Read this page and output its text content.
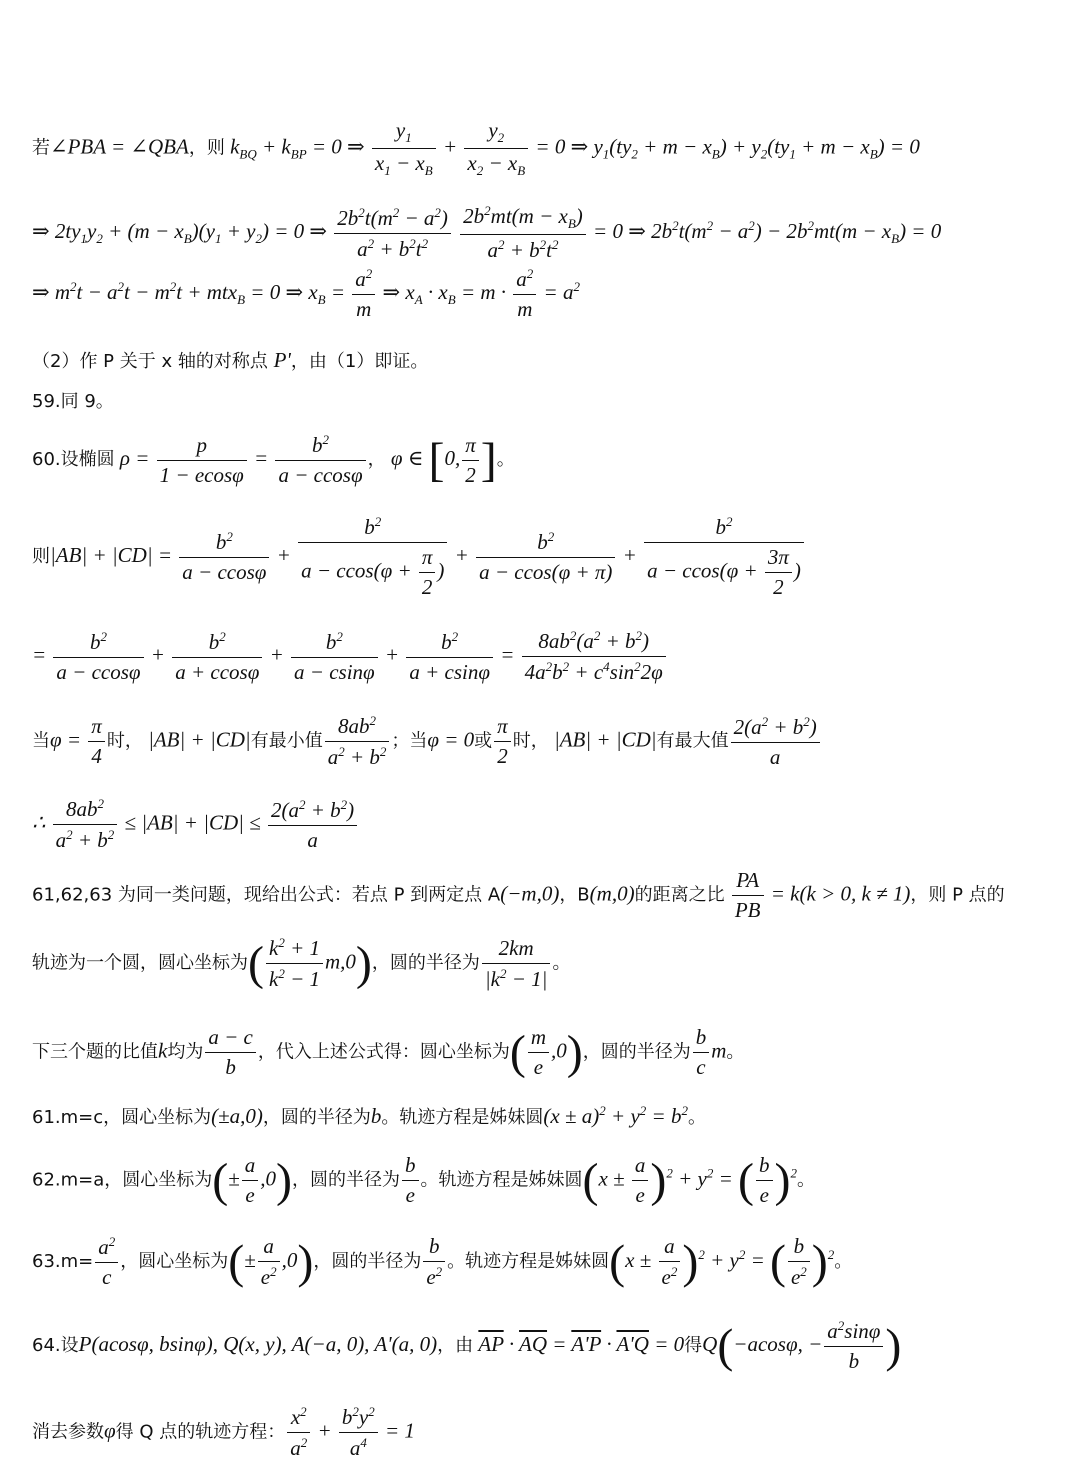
若∠PBA = ∠QBA，则 $k_{BQ} + k_{BP} = 0$ ⇒ $\frac{y_1}{x_1 - x_B} + \frac{y_2}{x_2 - x_B} = 0$ ⇒ $y_1(ty_2 + m - x_B) + y_2(ty_1 + m - x_B) = 0$
⇒ $2ty_1y_2 + (m - x_B)(y_1 + y_2) = 0$ ⇒ $\frac{2b^2t(m^2 - a^2)}{a^2 + b^2t^2}$
$\frac{2b^2mt(m - x_B)}{a^2 + b^2t^2} = 0$ ⇒ $2b^2t(m^2 - a^2) - 2b^2mt(m - x_B) = 0$
⇒ $m^2t - a^2t - m^2t + mtx_B = 0$ ⇒ $x_B = \frac{a^2}{m}$ ⇒ $x_A \cdot x_B = m \cdot \frac{a^2}{m} = a^2$
（2）作 P 关于 x 轴的对称点 P'，由（1）即证。
59.同 9。
60.设椭圆 $\rho = \frac{p}{1 - ecos\varphi} = \frac{b^2}{a - ccos\varphi}$ ， φ ∈ [0, $\frac{\pi}{2}$ ]。
则$|AB| + |CD| = \frac{b^2}{a - ccos\varphi} + \frac{b^2}{a - ccos(\varphi + \frac{\pi}{2} )} + \frac{b^2}{a - ccos(\varphi + \pi)} + \frac{b^2}{a - ccos(\varphi + \frac{3\pi}{2} )}$
= $\frac{b^2}{a - ccos\varphi} + \frac{b^2}{a + ccos\varphi} + \frac{b^2}{a - csin\varphi} + \frac{b^2}{a + csin\varphi} = \frac{8ab^2(a^2 + b^2)}{4a^2b^2 + c^4\sin^22\varphi}$
当$\varphi = \frac{\pi}{4}$ 时， |AB| + |CD|有最小值 $\frac{8ab^2}{a^2 + b^2}$ ；当φ = 0或 $\frac{\pi}{2}$ 时， |AB| + |CD|有最大值 $\frac{2(a^2 + b^2)}{a}$
∴ $\frac{8ab^2}{a^2 + b^2} \le |AB| + |CD| \le \frac{2(a^2 + b^2)}{a}$
61,62,63 为同一类问题，现给出公式：若点 P 到两定点 A(−m,0)，B(m,0)的距离之比 $\frac{PA}{PB} = k(k > 0$, k ≠ 1)，则 P 点的
轨迹为一个圆，圆心坐标为( $\frac{k^2 + 1}{k^2 - 1} m,0$)，圆的半径为 $\frac{2km}{|k^2 - 1|}$ 。
下三个题的比值k均为 $\frac{a - c}{b}$ ，代入上述公式得：圆心坐标为( $\frac{m}{e} ,0$)，圆的半径为 $\frac{b}{c}$ m。
61.m=c，圆心坐标为(±a,0)，圆的半径为b。轨迹方程是姊妹圆$(x \pm a)^2 + y^2 = b^2$。
62.m=a，圆心坐标为(± $\frac{a}{e} ,0$)，圆的半径为 $\frac{b}{e}$ 。轨迹方程是姊妹圆$(x \pm \frac{a}{e} )^2 + y^2$ = ( $\frac{b}{e} )^2$。
$63.m= \frac{a^2}{c}$ ，圆心坐标为(± $\frac{a}{e^2} ,0$)，圆的半径为 $\frac{b}{e^2}$ 。轨迹方程是姊妹圆$(x \pm \frac{a}{e^2} )^2 + y^2$ = ( $\frac{b}{e^2} )^2$。
64.设P(acosφ, bsinφ), Q(x, y), A(−a, 0), A'(a, 0)，由 $\overline{AP} \cdot \overline{AQ} = A'P \cdot A'Q = 0$得Q(−acosφ, − $\frac{a^2\sin\varphi}{b}$ )
消去参数φ得 Q 点的轨迹方程： $\frac{x^2}{a^2} + \frac{b^2y^2}{a^4} = 1$
